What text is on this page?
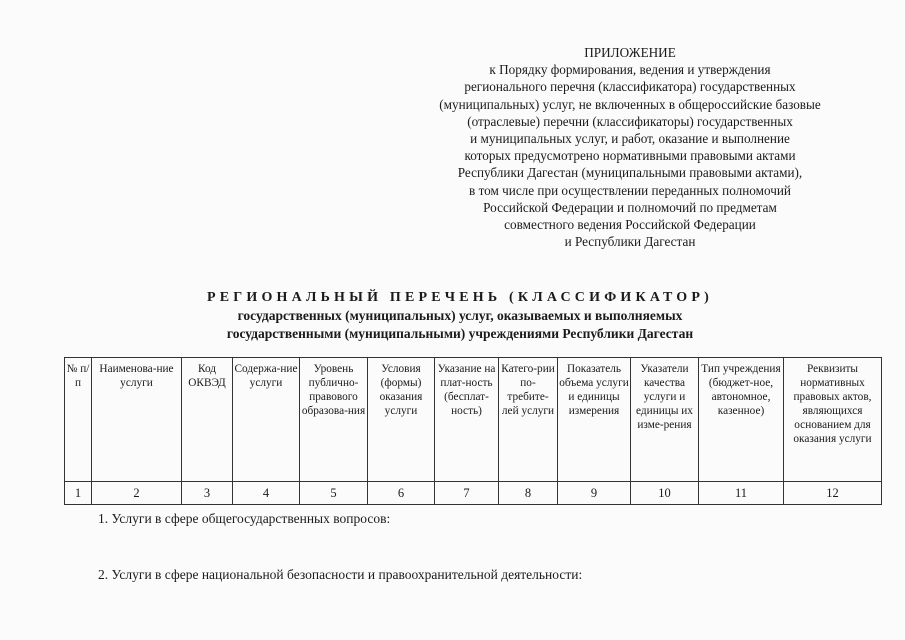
ПРИЛОЖЕНИЕ
к Порядку формирования, ведения и утверждения
регионального перечня (классификатора) государственных
(муниципальных) услуг, не включенных в общероссийские базовые
(отраслевые) перечни (классификаторы) государственных
и муниципальных услуг, и работ, оказание и выполнение
которых предусмотрено нормативными правовыми актами
Республики Дагестан (муниципальными правовыми актами),
в том числе при осуществлении переданных полномочий
Российской Федерации и полномочий по предметам
совместного ведения Российской Федерации
и Республики Дагестан
РЕГИОНАЛЬНЫЙ ПЕРЕЧЕНЬ (КЛАССИФИКАТОР)
государственных (муниципальных) услуг, оказываемых и выполняемых
государственными (муниципальными) учреждениями Республики Дагестан
№ п/п	Наименова-ние услуги	Код ОКВЭД	Содержа-ние услуги	Уровень публично-правового образова-ния	Условия (формы) оказания услуги	Указание на плат-ность (бесплат-ность)	Катего-рии по-требите-лей услуги	Показатель объема услуги и единицы измерения	Указатели качества услуги и единицы их изме-рения	Тип учреждения (бюджет-ное, автономное, казенное)	Реквизиты нормативных правовых актов, являющихся основанием для оказания услуги
1	2	3	4	5	6	7	8	9	10	11	12
1. Услуги в сфере общегосударственных вопросов:
2. Услуги в сфере национальной безопасности и правоохранительной деятельности:
